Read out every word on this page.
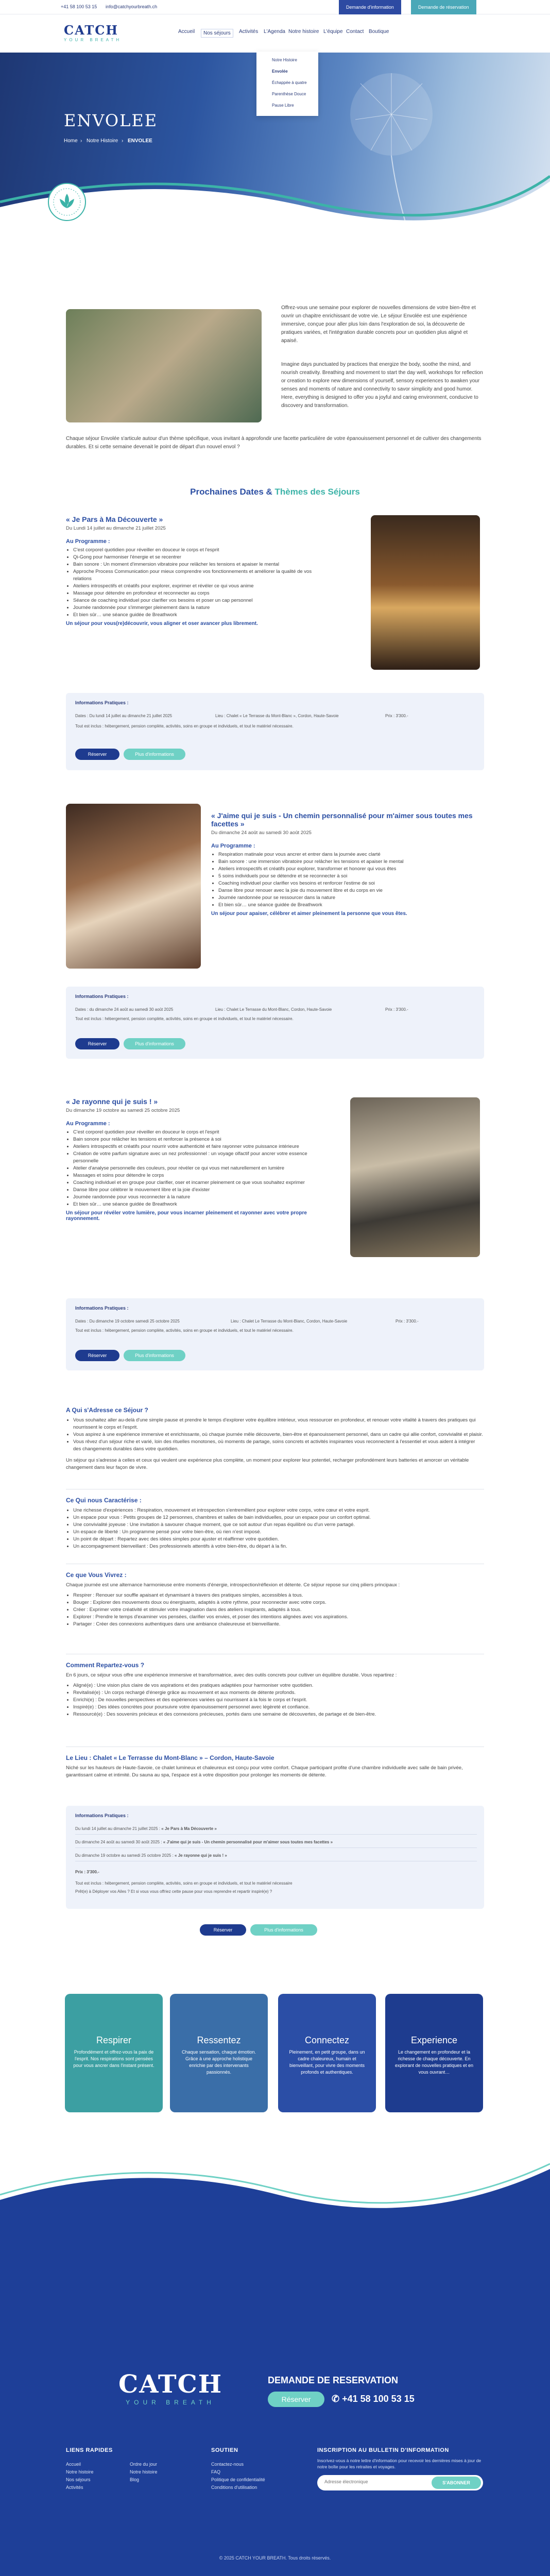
+41 58 100 53 15 info@catchyourbreath.ch	Demande d'information	Demande de réservation
CATCH
YOUR BREATH
Accueil	Nos séjours	Activités L'Agenda Notre histoire L'équipe Contact Boutique
ENVOLEE
Home › Notre Histoire › ENVOLEE
Notre Histoire
Envolée
Échappée à quatre
Parenthèse Douce
Pause Libre
Offrez-vous une semaine pour explorer de nouvelles dimensions de votre bien-être et ouvrir un chapitre enrichissant de votre vie. Le séjour Envolée est une expérience immersive, conçue pour aller plus loin dans l'exploration de soi, la découverte de pratiques variées, et l'intégration durable concrets pour un quotidien plus aligné et apaisé.
Imagine days punctuated by practices that energize the body, soothe the mind, and nourish creativity. Breathing and movement to start the day well, workshops for reflection or creation to explore new dimensions of yourself, sensory experiences to awaken your senses and moments of nature and connectivity to savor simplicity and good humor. Here, everything is designed to offer you a joyful and caring environment, conducive to discovery and transformation.
Chaque séjour Envolée s'articule autour d'un thème spécifique, vous invitant à approfondir une facette particulière de votre épanouissement personnel et de cultiver des changements durables. Et si cette semaine devenait le point de départ d'un nouvel envol ?
Prochaines Dates & Thèmes des Séjours
« Je Pars à Ma Découverte »
Du Lundi 14 juillet au dimanche 21 juillet 2025
Au Programme :
• C'est corporel quotidien pour réveiller en douceur le corps et l'esprit
• Qi-Gong pour harmoniser l'énergie et se recentrer
• Bain sonore : Un moment d'immersion vibratoire pour relâcher les tensions et apaiser le mental
• Approche Process Communication pour mieux comprendre vos fonctionnements et améliorer la qualité de vos relations
• Ateliers introspectifs et créatifs pour explorer, exprimer et révéler ce qui vous anime
• Massage pour détendre en profondeur et reconnecter au corps
• Séance de coaching individuel pour clarifier vos besoins et poser un cap personnel
• Journée randonnée pour s'immerger pleinement dans la nature
• Et bien sûr… une séance guidée de Breathwork
Un séjour pour vous(re)découvrir, vous aligner et oser avancer plus librement.
Informations Pratiques :
Dates : Du lundi 14 juillet au dimanche 21 juillet 2025	Lieu : Chalet « Le Terrasse du Mont-Blanc », Cordon, Haute-Savoie	Prix : 3'300.-
Tout est inclus : hébergement, pension complète, activités, soins en groupe et individuels, et tout le matériel nécessaire.
Réserver	Plus d'informations
« J'aime qui je suis - Un chemin personnalisé pour m'aimer sous toutes mes facettes »
Du dimanche 24 août au samedi 30 août 2025
Au Programme :
• Respiration matinale pour vous ancrer et entrer dans la journée avec clarté
• Bain sonore : une immersion vibratoire pour relâcher les tensions et apaiser le mental
• Ateliers introspectifs et créatifs pour explorer, transformer et honorer qui vous êtes
• 5 soins individuels pour se détendre et se reconnecter à soi
• Coaching individuel pour clarifier vos besoins et renforcer l'estime de soi
• Danse libre pour renouer avec la joie du mouvement libre et du corps en vie
• Journée randonnée pour se ressourcer dans la nature
• Et bien sûr… une séance guidée de Breathwork
Un séjour pour apaiser, célébrer et aimer pleinement la personne que vous êtes.
Informations Pratiques :
Dates : du dimanche 24 août au samedi 30 août 2025	Lieu : Chalet Le Terrasse du Mont-Blanc, Cordon, Haute-Savoie	Prix : 3'300.-
Tout est inclus : hébergement, pension complète, activités, soins en groupe et individuels, et tout le matériel nécessaire.
Réserver	Plus d'informations
« Je rayonne qui je suis ! »
Du dimanche 19 octobre au samedi 25 octobre 2025
Au Programme :
• C'est corporel quotidien pour réveiller en douceur le corps et l'esprit
• Bain sonore pour relâcher les tensions et renforcer la présence à soi
• Ateliers introspectifs et créatifs pour nourrir votre authenticité et faire rayonner votre puissance intérieure
• Création de votre parfum signature avec un nez professionnel : un voyage olfactif pour ancrer votre essence personnelle
• Atelier d'analyse personnelle des couleurs, pour révéler ce qui vous met naturellement en lumière
• Massages et soins pour détendre le corps
• Coaching individuel et en groupe pour clarifier, oser et incarner pleinement ce que vous souhaitez exprimer
• Danse libre pour célébrer le mouvement libre et la joie d'exister
• Journée randonnée pour vous reconnecter à la nature
• Et bien sûr… une séance guidée de Breathwork
Un séjour pour révéler votre lumière, pour vous incarner pleinement et rayonner avec votre propre rayonnement.
Informations Pratiques :
Dates : Du dimanche 19 octobre samedi 25 octobre 2025	Lieu : Chalet Le Terrasse du Mont-Blanc, Cordon, Haute-Savoie	Prix : 3'300.-
Tout est inclus : hébergement, pension complète, activités, soins en groupe et individuels, et tout le matériel nécessaire.
Réserver	Plus d'informations
A Qui s'Adresse ce Séjour ?
• Vous souhaitez aller au-delà d'une simple pause et prendre le temps d'explorer votre équilibre intérieur, vous ressourcer en profondeur, et renouer votre vitalité à travers des pratiques qui nourrissent le corps et l'esprit.
• Vous aspirez à une expérience immersive et enrichissante, où chaque journée mêle découverte, bien-être et épanouissement personnel, dans un cadre qui allie confort, convivialité et plaisir.
• Vous rêvez d'un séjour riche et varié, loin des rituelles monotones, où moments de partage, soins concrets et activités inspirantes vous reconnectent à l'essentiel et vous aident à intégrer des changements durables dans votre quotidien.
Un séjour qui s'adresse à celles et ceux qui veulent une expérience plus complète, un moment pour explorer leur potentiel, recharger profondément leurs batteries et amorcer un véritable changement dans leur façon de vivre.
Ce Qui nous Caractérise :
• Une richesse d'expériences : Respiration, mouvement et introspection s'entremêlent pour explorer votre corps, votre cœur et votre esprit.
• Un espace pour vous : Petits groupes de 12 personnes, chambres et salles de bain individuelles, pour un espace pour un confort optimal.
• Une convivialité joyeuse : Une invitation à savourer chaque moment, que ce soit autour d'un repas équilibré ou d'un verre partagé.
• Un espace de liberté : Un programme pensé pour votre bien-être, où rien n'est imposé.
• Un point de départ : Repartez avec des idées simples pour ajuster et réaffirmer votre quotidien.
• Un accompagnement bienveillant : Des professionnels attentifs à votre bien-être, du départ à la fin.
Ce que Vous Vivrez :
Chaque journée est une alternance harmonieuse entre moments d'énergie, introspection/réflexion et détente. Ce séjour repose sur cinq piliers principaux :
• Respirer : Renouer sur souffle apaisant et dynamisant à travers des pratiques simples, accessibles à tous.
• Bouger : Explorer des mouvements doux ou énergisants, adaptés à votre rythme, pour reconnecter avec votre corps.
• Créer : Exprimer votre créativité et stimuler votre imagination dans des ateliers inspirants, adaptés à tous.
• Explorer : Prendre le temps d'examiner vos pensées, clarifier vos envies, et poser des intentions alignées avec vos aspirations.
• Partager : Créer des connexions authentiques dans une ambiance chaleureuse et bienveillante.
Comment Repartez-vous ?
En 6 jours, ce séjour vous offre une expérience immersive et transformatrice, avec des outils concrets pour cultiver un équilibre durable. Vous repartirez :
• Aligné(e) : Une vision plus claire de vos aspirations et des pratiques adaptées pour harmoniser votre quotidien.
• Revitalisé(e) : Un corps rechargé d'énergie grâce au mouvement et aux moments de détente profonds.
• Enrichi(e) : De nouvelles perspectives et des expériences variées qui nourrissent à la fois le corps et l'esprit.
• Inspiré(e) : Des idées concrètes pour poursuivre votre épanouissement personnel avec légèreté et confiance.
• Ressourcé(e) : Des souvenirs précieux et des connexions précieuses, portés dans une semaine de découvertes, de partage et de bien-être.
Le Lieu : Chalet « Le Terrasse du Mont-Blanc » – Cordon, Haute-Savoie
Niché sur les hauteurs de Haute-Savoie, ce chalet lumineux et chaleureux est conçu pour votre confort. Chaque participant profite d'une chambre individuelle avec salle de bain privée, garantissant calme et intimité. Du sauna au spa, l'espace est à votre disposition pour prolonger les moments de détente.
Informations Pratiques :
Du lundi 14 juillet au dimanche 21 juillet 2025 : « Je Pars à Ma Découverte »
Du dimanche 24 août au samedi 30 août 2025 : « J'aime qui je suis - Un chemin personnalisé pour m'aimer sous toutes mes facettes »
Du dimanche 19 octobre au samedi 25 octobre 2025 : « Je rayonne qui je suis ! »
Prix : 3'300.-
Tout est inclus : hébergement, pension complète, activités, soins en groupe et individuels, et tout le matériel nécessaire
Prêt(e) à Déployer vos Ailes ? Et si vous vous offriez cette pause pour vous reprendre et repartir inspiré(e) ?
Réserver	Plus d'informations
Respirer
Profondément et offrez-vous la paix de l'esprit. Nos respirations sont pensées pour vous ancrer dans l'instant présent.
Ressentez
Chaque sensation, chaque émotion. Grâce à une approche holistique enrichie par des intervenants passionnés.
Connectez
Pleinement, en petit groupe, dans un cadre chaleureux, humain et bienveillant, pour vivre des moments profonds et authentiques.
Experience
Le changement en profondeur et la richesse de chaque découverte. En explorant de nouvelles pratiques et en vous ouvrant…
CATCH
YOUR BREATH
DEMANDE DE RESERVATION
Réserver	✆ +41 58 100 53 15
LIENS RAPIDES
Accueil
Notre histoire
Nos séjours
Activités
Ordre du jour
Notre histoire
Blog
SOUTIEN
Contactez-nous
FAQ
Politique de confidentialité
Conditions d'utilisation
INSCRIPTION AU BULLETIN D'INFORMATION
Inscrivez-vous à notre lettre d'information pour recevoir les dernières mises à jour de notre boîte pour les retraites et voyages.
Adresse électronique
S'ABONNER
© 2025 CATCH YOUR BREATH. Tous droits réservés.
